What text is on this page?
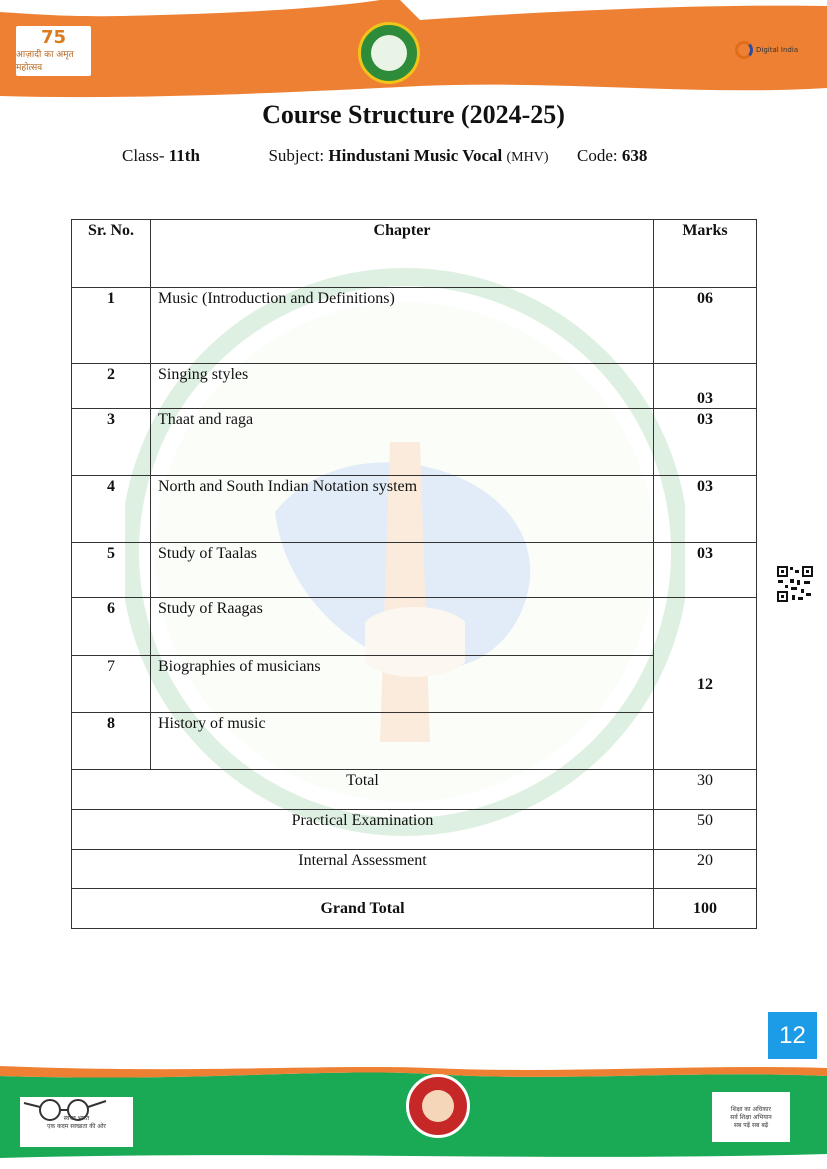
75
आज़ादी का अमृत महोत्सव
Digital India
Course Structure (2024-25)
Class- 11th	Subject: Hindustani Music Vocal (MHV) Code: 638
Sr. No.	Chapter	Marks
1	Music (Introduction and Definitions)	06
2	Singing styles	03
3	Thaat and raga	03
4	North and South Indian Notation system	03
5	Study of Taalas	03
6	Study of Raagas	12
7	Biographies of musicians	
8	History of music	
Total		30
Practical Examination		50
Internal Assessment		20
Grand Total		100
12
स्वच्छ भारत
एक कदम स्वच्छता की ओर
शिक्षा का अधिकार
सर्व शिक्षा अभियान
सब पढ़ें सब बढ़ें
